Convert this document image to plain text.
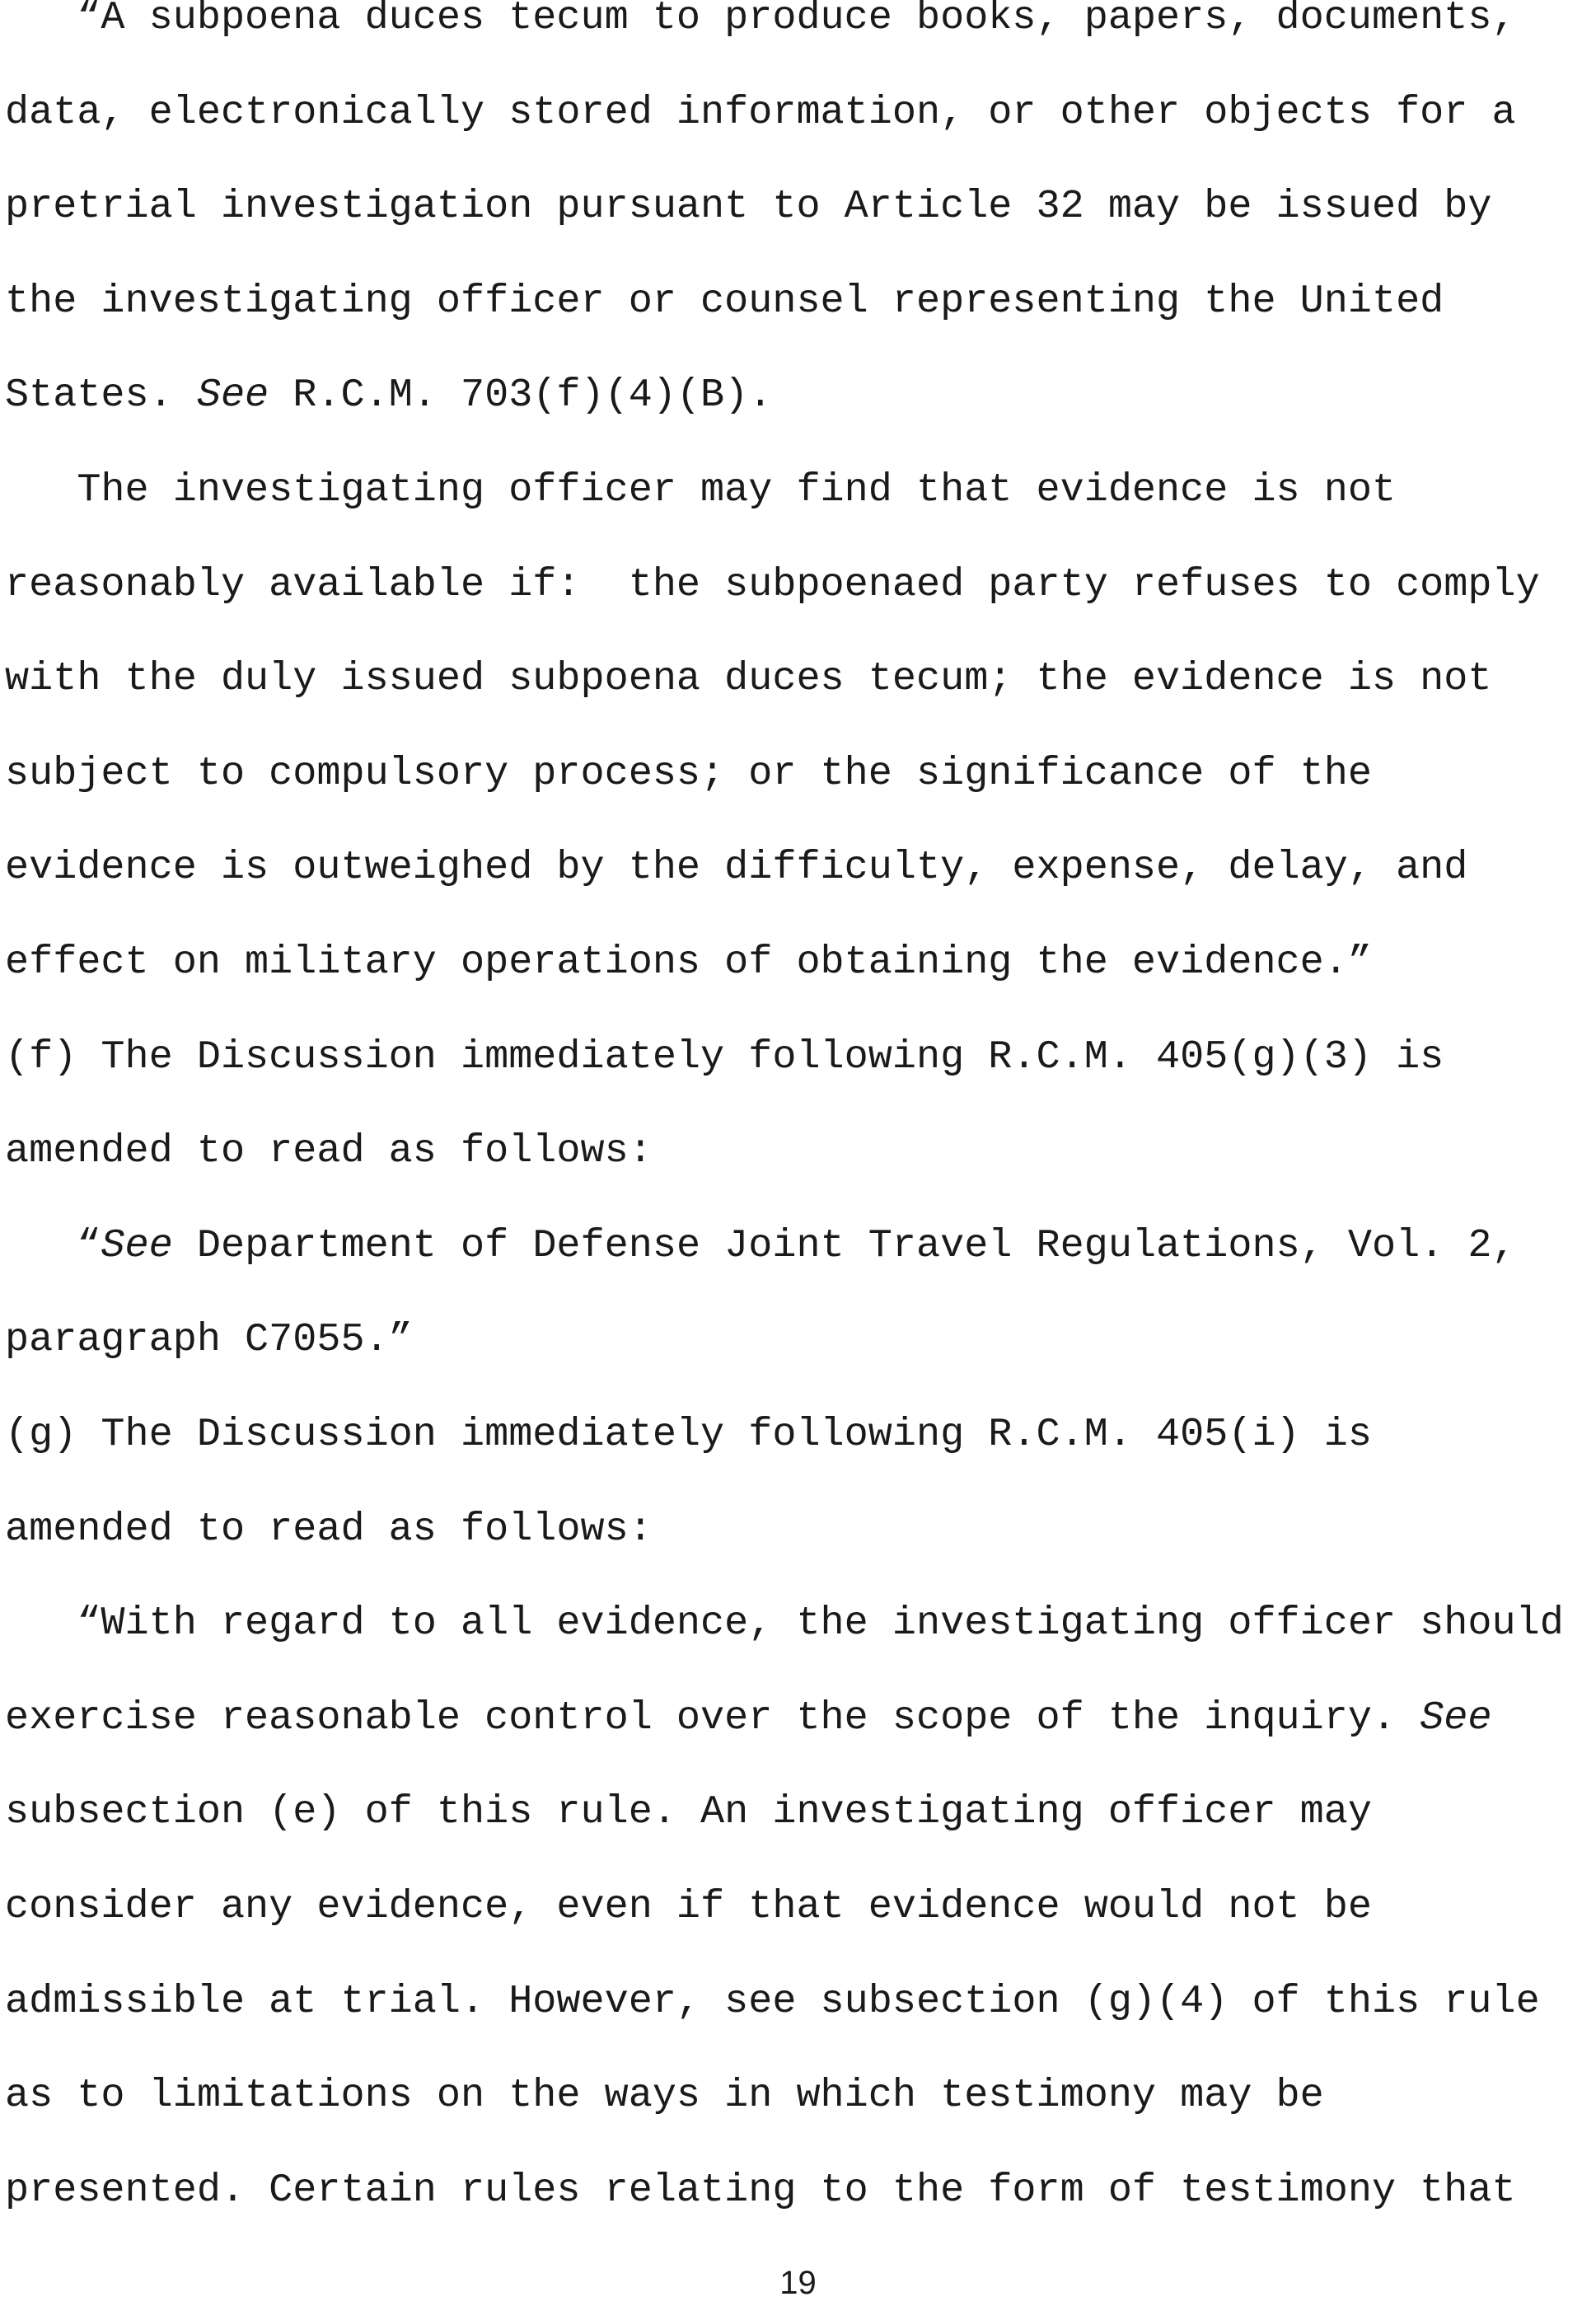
“A subpoena duces tecum to produce books, papers, documents,
data, electronically stored information, or other objects for a
pretrial investigation pursuant to Article 32 may be issued by
the investigating officer or counsel representing the United
States. See R.C.M. 703(f)(4)(B).
The investigating officer may find that evidence is not
reasonably available if:  the subpoenaed party refuses to comply
with the duly issued subpoena duces tecum; the evidence is not
subject to compulsory process; or the significance of the
evidence is outweighed by the difficulty, expense, delay, and
effect on military operations of obtaining the evidence.”
(f) The Discussion immediately following R.C.M. 405(g)(3) is
amended to read as follows:
“See Department of Defense Joint Travel Regulations, Vol. 2,
paragraph C7055.”
(g) The Discussion immediately following R.C.M. 405(i) is
amended to read as follows:
“With regard to all evidence, the investigating officer should
exercise reasonable control over the scope of the inquiry. See
subsection (e) of this rule. An investigating officer may
consider any evidence, even if that evidence would not be
admissible at trial. However, see subsection (g)(4) of this rule
as to limitations on the ways in which testimony may be
presented. Certain rules relating to the form of testimony that
19
